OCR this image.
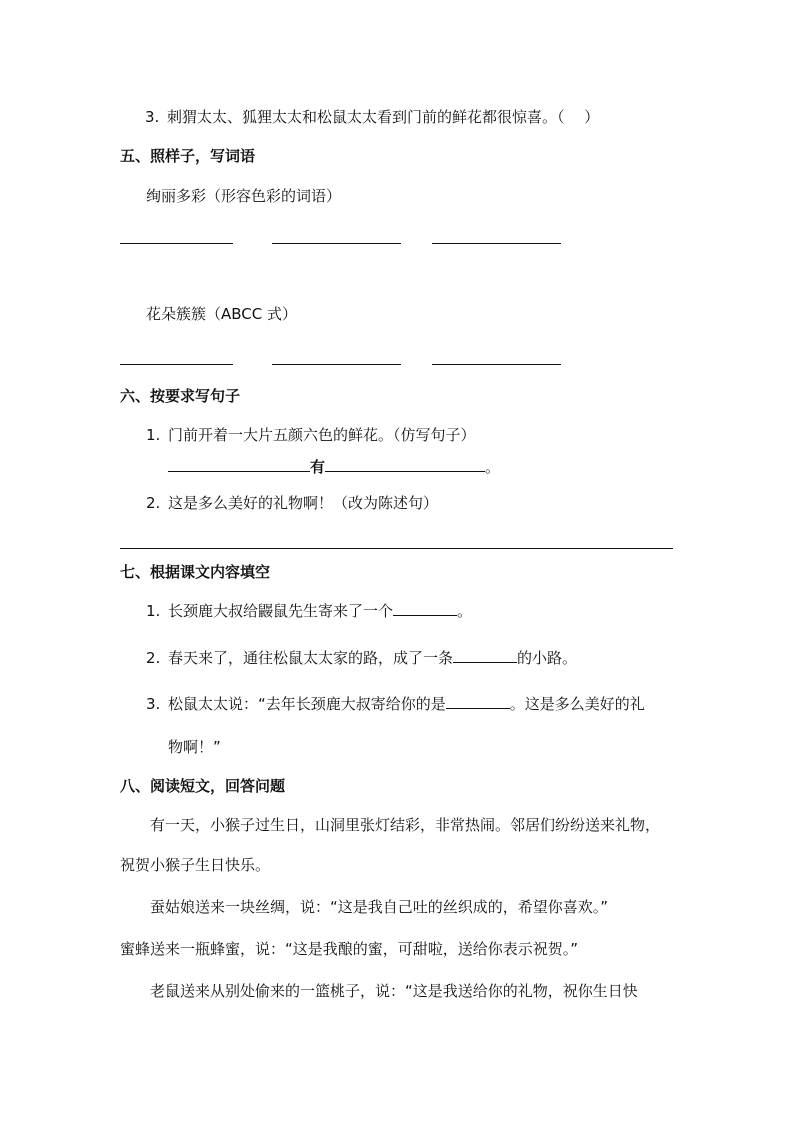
3. 刺猬太太、狐狸太太和松鼠太太看到门前的鲜花都很惊喜。（　 ）
五、照样子，写词语
绚丽多彩（形容色彩的词语）
花朵簇簇（ABCC 式）
六、按要求写句子
1. 门前开着一大片五颜六色的鲜花。（仿写句子）
有	。
2. 这是多么美好的礼物啊！（改为陈述句）
七、根据课文内容填空
1. 长颈鹿大叔给鼹鼠先生寄来了一个	。
2. 春天来了，通往松鼠太太家的路，成了一条	的小路。
3. 松鼠太太说：“去年长颈鹿大叔寄给你的是	。这是多么美好的礼
物啊！”
八、阅读短文，回答问题
有一天，小猴子过生日，山洞里张灯结彩，非常热闹。邻居们纷纷送来礼物，
祝贺小猴子生日快乐。
蚕姑娘送来一块丝绸，说：“这是我自己吐的丝织成的，希望你喜欢。”
蜜蜂送来一瓶蜂蜜，说：“这是我酿的蜜，可甜啦，送给你表示祝贺。”
老鼠送来从别处偷来的一篮桃子，说：“这是我送给你的礼物，祝你生日快
